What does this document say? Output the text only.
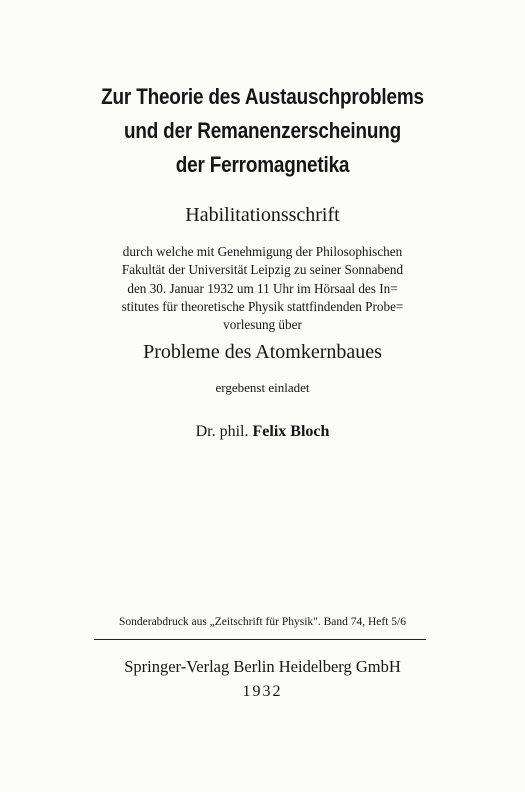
Zur Theorie des Austauschproblems
und der Remanenzerscheinung
der Ferromagnetika
Habilitationsschrift
durch welche mit Genehmigung der Philosophischen
Fakultät der Universität Leipzig zu seiner Sonnabend
den 30. Januar 1932 um 11 Uhr im Hörsaal des In=
stitutes für theoretische Physik stattfindenden Probe=
vorlesung über
Probleme des Atomkernbaues
ergebenst einladet
Dr. phil. Felix Bloch
Sonderabdruck aus „Zeitschrift für Physik". Band 74, Heft 5/6
Springer-Verlag Berlin Heidelberg GmbH
1932
